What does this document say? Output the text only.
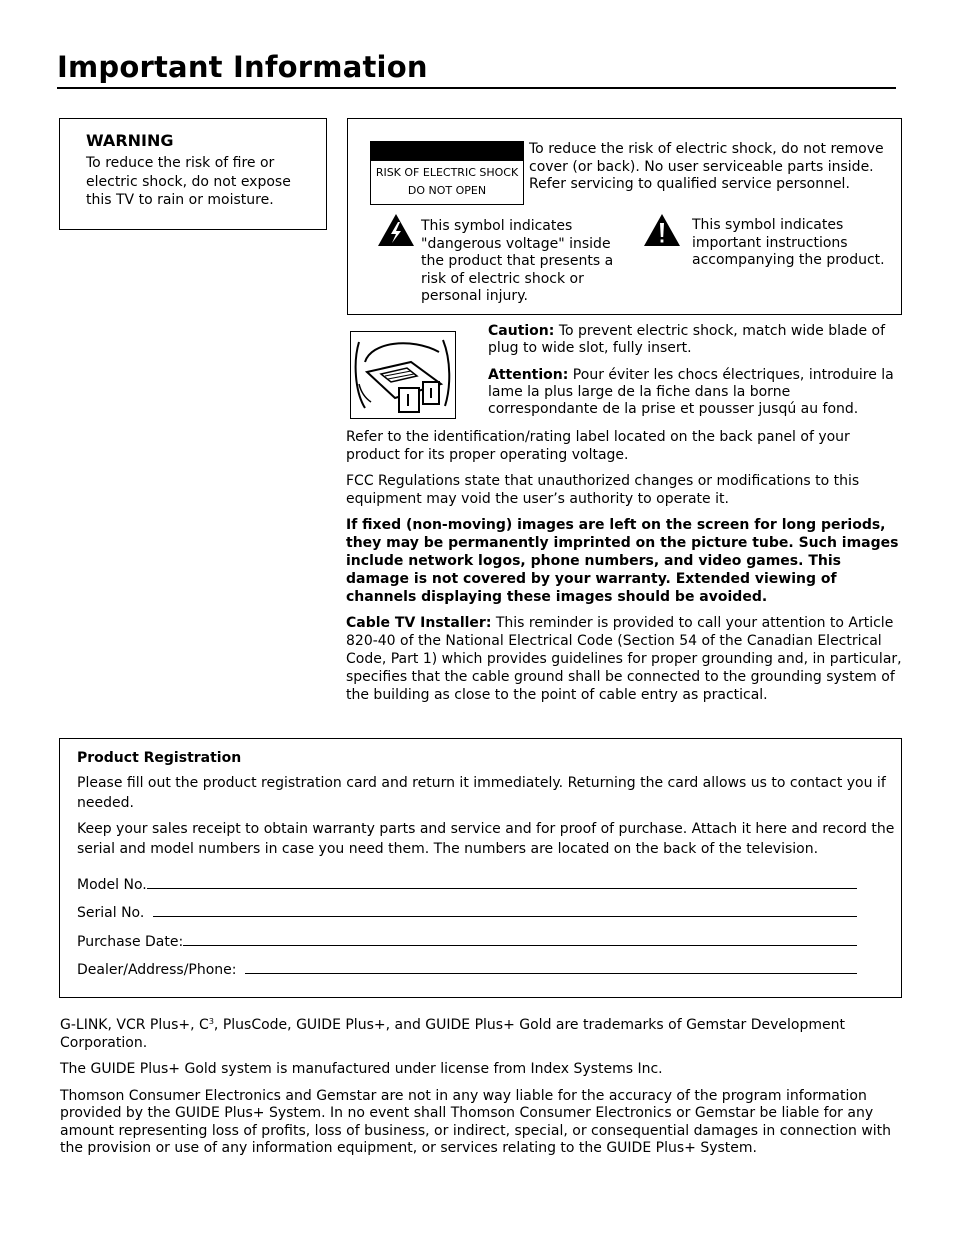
Important Information
WARNING
To reduce the risk of fire or electric shock, do not expose this TV to rain or moisture.
RISK OF ELECTRIC SHOCK
DO NOT OPEN
To reduce the risk of electric shock, do not remove cover (or back). No user serviceable parts inside. Refer servicing to qualified service personnel.
This symbol indicates "dangerous voltage" inside the product that presents a risk of electric shock or personal injury.
This symbol indicates important instructions accompanying the product.

Caution: To prevent electric shock, match wide blade of plug to wide slot, fully insert.

Attention: Pour éviter les chocs électriques, introduire la lame la plus large de la fiche dans la borne correspondante de la prise et pousser jusqú au fond.

Refer to the identification/rating label located on the back panel of your product for its proper operating voltage.

FCC Regulations state that unauthorized changes or modifications to this equipment may void the user’s authority to operate it.

If fixed (non-moving) images are left on the screen for long periods, they may be permanently imprinted on the picture tube. Such images include network logos, phone numbers, and video games. This damage is not covered by your warranty. Extended viewing of channels displaying these images should be avoided.

Cable TV Installer: This reminder is provided to call your attention to Article 820-40 of the National Electrical Code (Section 54 of the Canadian Electrical Code, Part 1) which provides guidelines for proper grounding and, in particular, specifies that the cable ground shall be connected to the grounding system of the building as close to the point of cable entry as practical.

Product Registration

Please fill out the product registration card and return it immediately. Returning the card allows us to contact you if needed.

Keep your sales receipt to obtain warranty parts and service and for proof of purchase. Attach it here and record the serial and model numbers in case you need them. The numbers are located on the back of the television.

Model No.
Serial No.
Purchase Date:
Dealer/Address/Phone:

G-LINK, VCR Plus+, $C^3$, PlusCode, GUIDE Plus+, and GUIDE Plus+ Gold are trademarks of Gemstar Development Corporation.

The GUIDE Plus+ Gold system is manufactured under license from Index Systems Inc.

Thomson Consumer Electronics and Gemstar are not in any way liable for the accuracy of the program information provided by the GUIDE Plus+ System. In no event shall Thomson Consumer Electronics or Gemstar be liable for any amount representing loss of profits, loss of business, or indirect, special, or consequential damages in connection with the provision or use of any information equipment, or services relating to the GUIDE Plus+ System.
